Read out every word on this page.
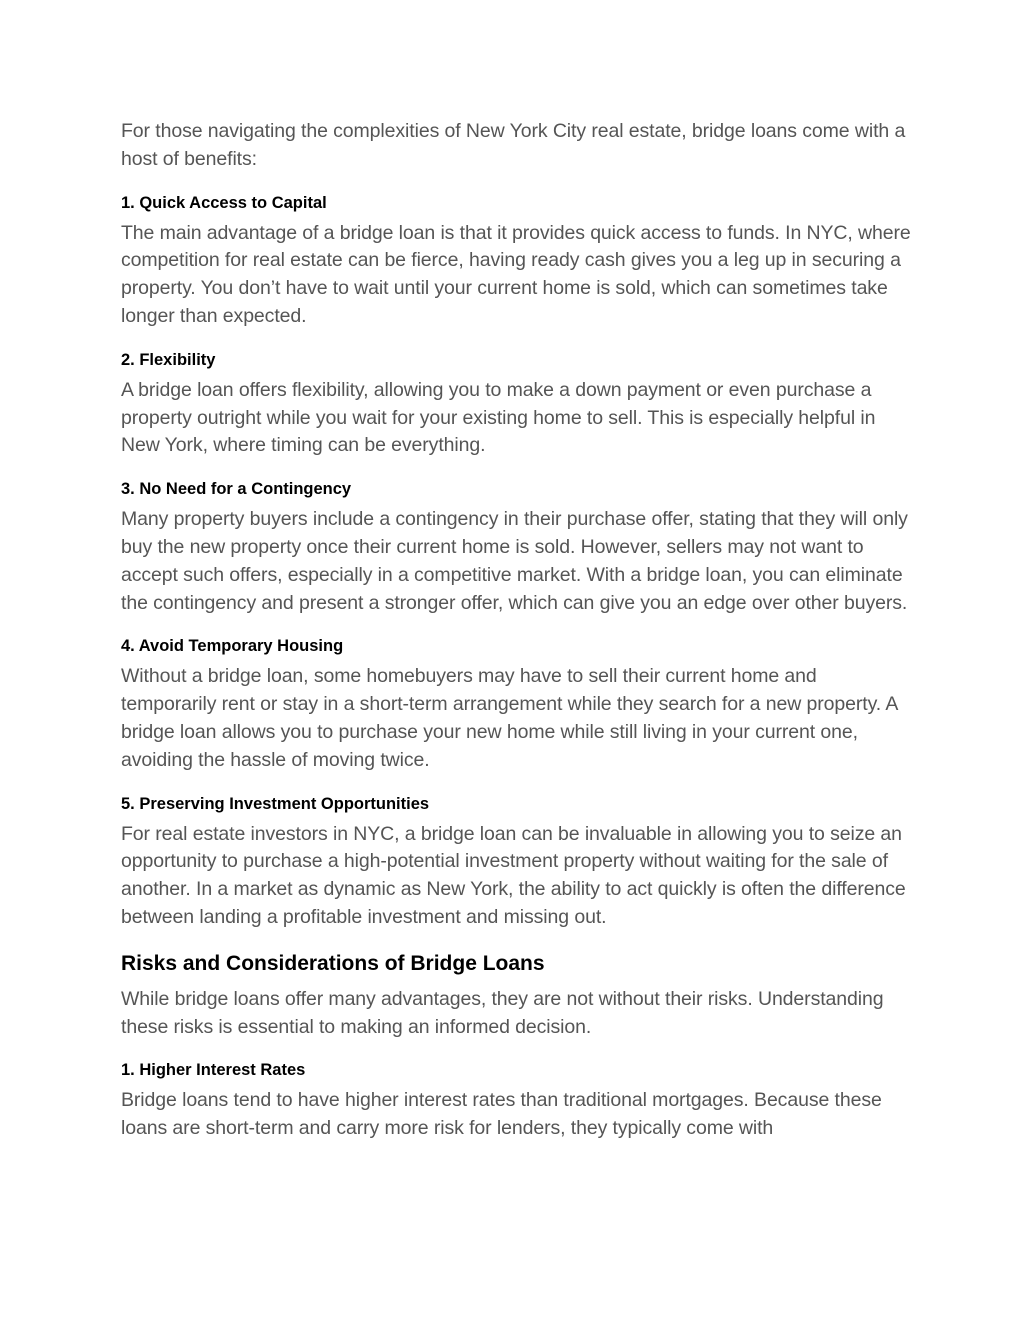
For those navigating the complexities of New York City real estate, bridge loans come with a host of benefits:

1. Quick Access to Capital

The main advantage of a bridge loan is that it provides quick access to funds. In NYC, where competition for real estate can be fierce, having ready cash gives you a leg up in securing a property. You don’t have to wait until your current home is sold, which can sometimes take longer than expected.

2. Flexibility

A bridge loan offers flexibility, allowing you to make a down payment or even purchase a property outright while you wait for your existing home to sell. This is especially helpful in New York, where timing can be everything.

3. No Need for a Contingency

Many property buyers include a contingency in their purchase offer, stating that they will only buy the new property once their current home is sold. However, sellers may not want to accept such offers, especially in a competitive market. With a bridge loan, you can eliminate the contingency and present a stronger offer, which can give you an edge over other buyers.

4. Avoid Temporary Housing

Without a bridge loan, some homebuyers may have to sell their current home and temporarily rent or stay in a short-term arrangement while they search for a new property. A bridge loan allows you to purchase your new home while still living in your current one, avoiding the hassle of moving twice.

5. Preserving Investment Opportunities

For real estate investors in NYC, a bridge loan can be invaluable in allowing you to seize an opportunity to purchase a high-potential investment property without waiting for the sale of another. In a market as dynamic as New York, the ability to act quickly is often the difference between landing a profitable investment and missing out.

Risks and Considerations of Bridge Loans

While bridge loans offer many advantages, they are not without their risks. Understanding these risks is essential to making an informed decision.

1. Higher Interest Rates

Bridge loans tend to have higher interest rates than traditional mortgages. Because these loans are short-term and carry more risk for lenders, they typically come with
